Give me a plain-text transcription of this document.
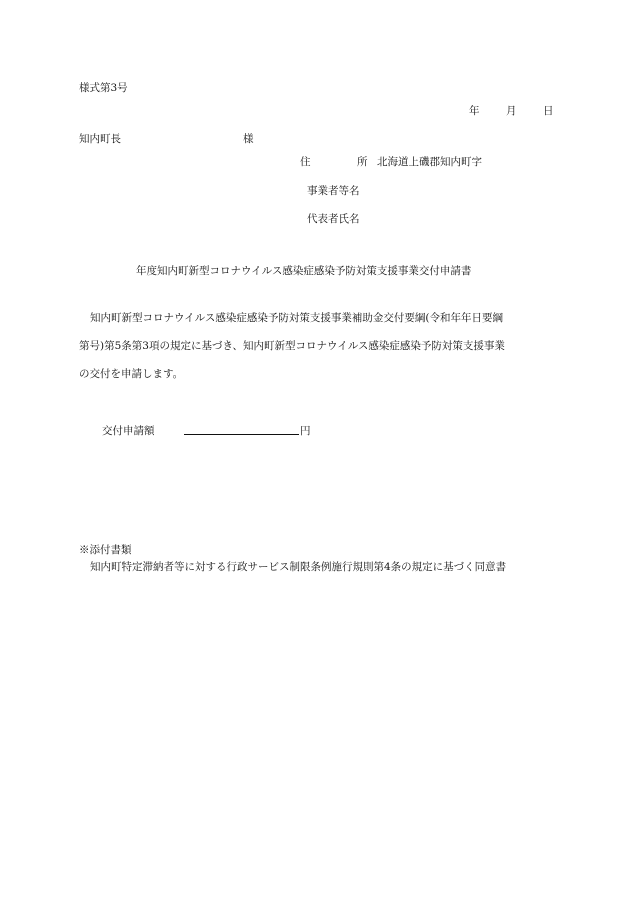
様式第3号
年	月	日
知内町長	様
住	所 北海道上磯郡知内町字
事業者等名
代表者氏名
年度知内町新型コロナウイルス感染症感染予防対策支援事業交付申請書
知内町新型コロナウイルス感染症感染予防対策支援事業補助金交付要綱(令和年年日要綱
第号)第5条第3項の規定に基づき、知内町新型コロナウイルス感染症感染予防対策支援事業
の交付を申請します。
交付申請額	円
※添付書類
知内町特定滞納者等に対する行政サービス制限条例施行規則第4条の規定に基づく同意書
